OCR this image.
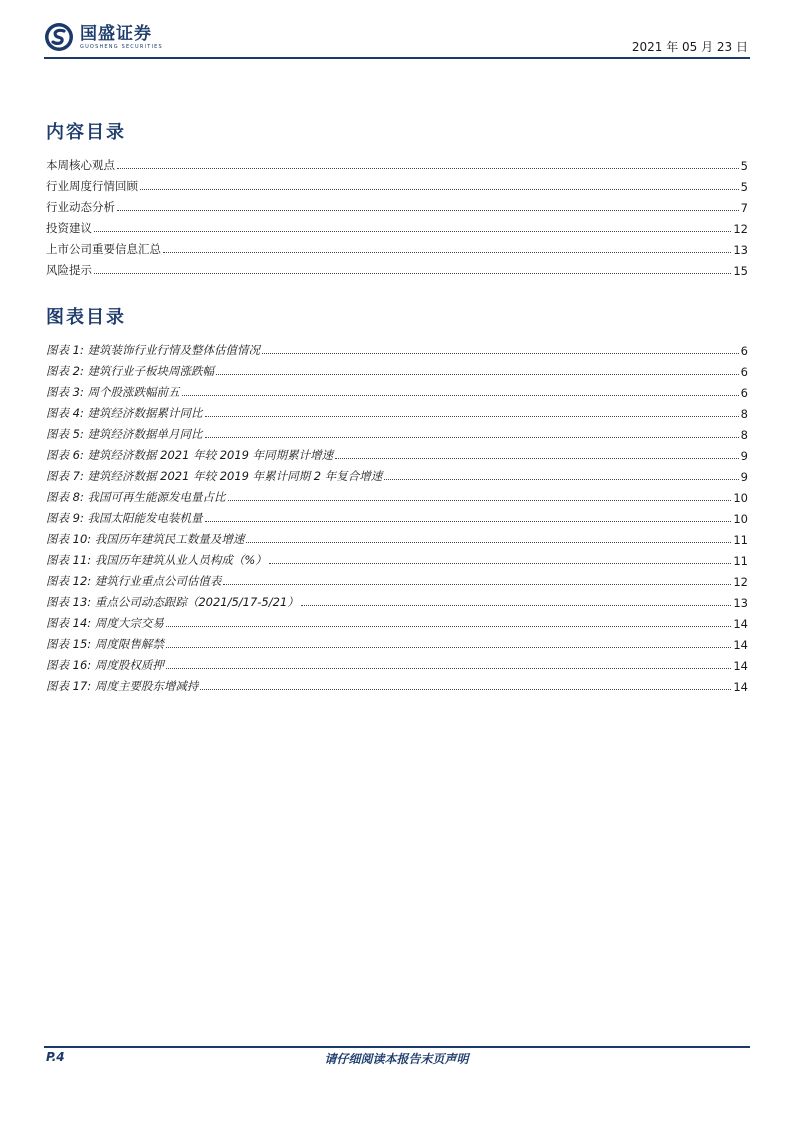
国盛证券
GUOSHENG SECURITIES	2021 年 05 月 23 日
内容目录
本周核心观点	5
行业周度行情回顾	5
行业动态分析	7
投资建议	12
上市公司重要信息汇总	13
风险提示	15
图表目录
图表 1: 建筑装饰行业行情及整体估值情况	6
图表 2: 建筑行业子板块周涨跌幅	6
图表 3: 周个股涨跌幅前五	6
图表 4: 建筑经济数据累计同比	8
图表 5: 建筑经济数据单月同比	8
图表 6: 建筑经济数据 2021 年较 2019 年同期累计增速	9
图表 7: 建筑经济数据 2021 年较 2019 年累计同期 2 年复合增速	9
图表 8: 我国可再生能源发电量占比	10
图表 9: 我国太阳能发电装机量	10
图表 10: 我国历年建筑民工数量及增速	11
图表 11: 我国历年建筑从业人员构成（%）	11
图表 12: 建筑行业重点公司估值表	12
图表 13: 重点公司动态跟踪（2021/5/17-5/21）	13
图表 14: 周度大宗交易	14
图表 15: 周度限售解禁	14
图表 16: 周度股权质押	14
图表 17: 周度主要股东增减持	14
P.4	请仔细阅读本报告末页声明
